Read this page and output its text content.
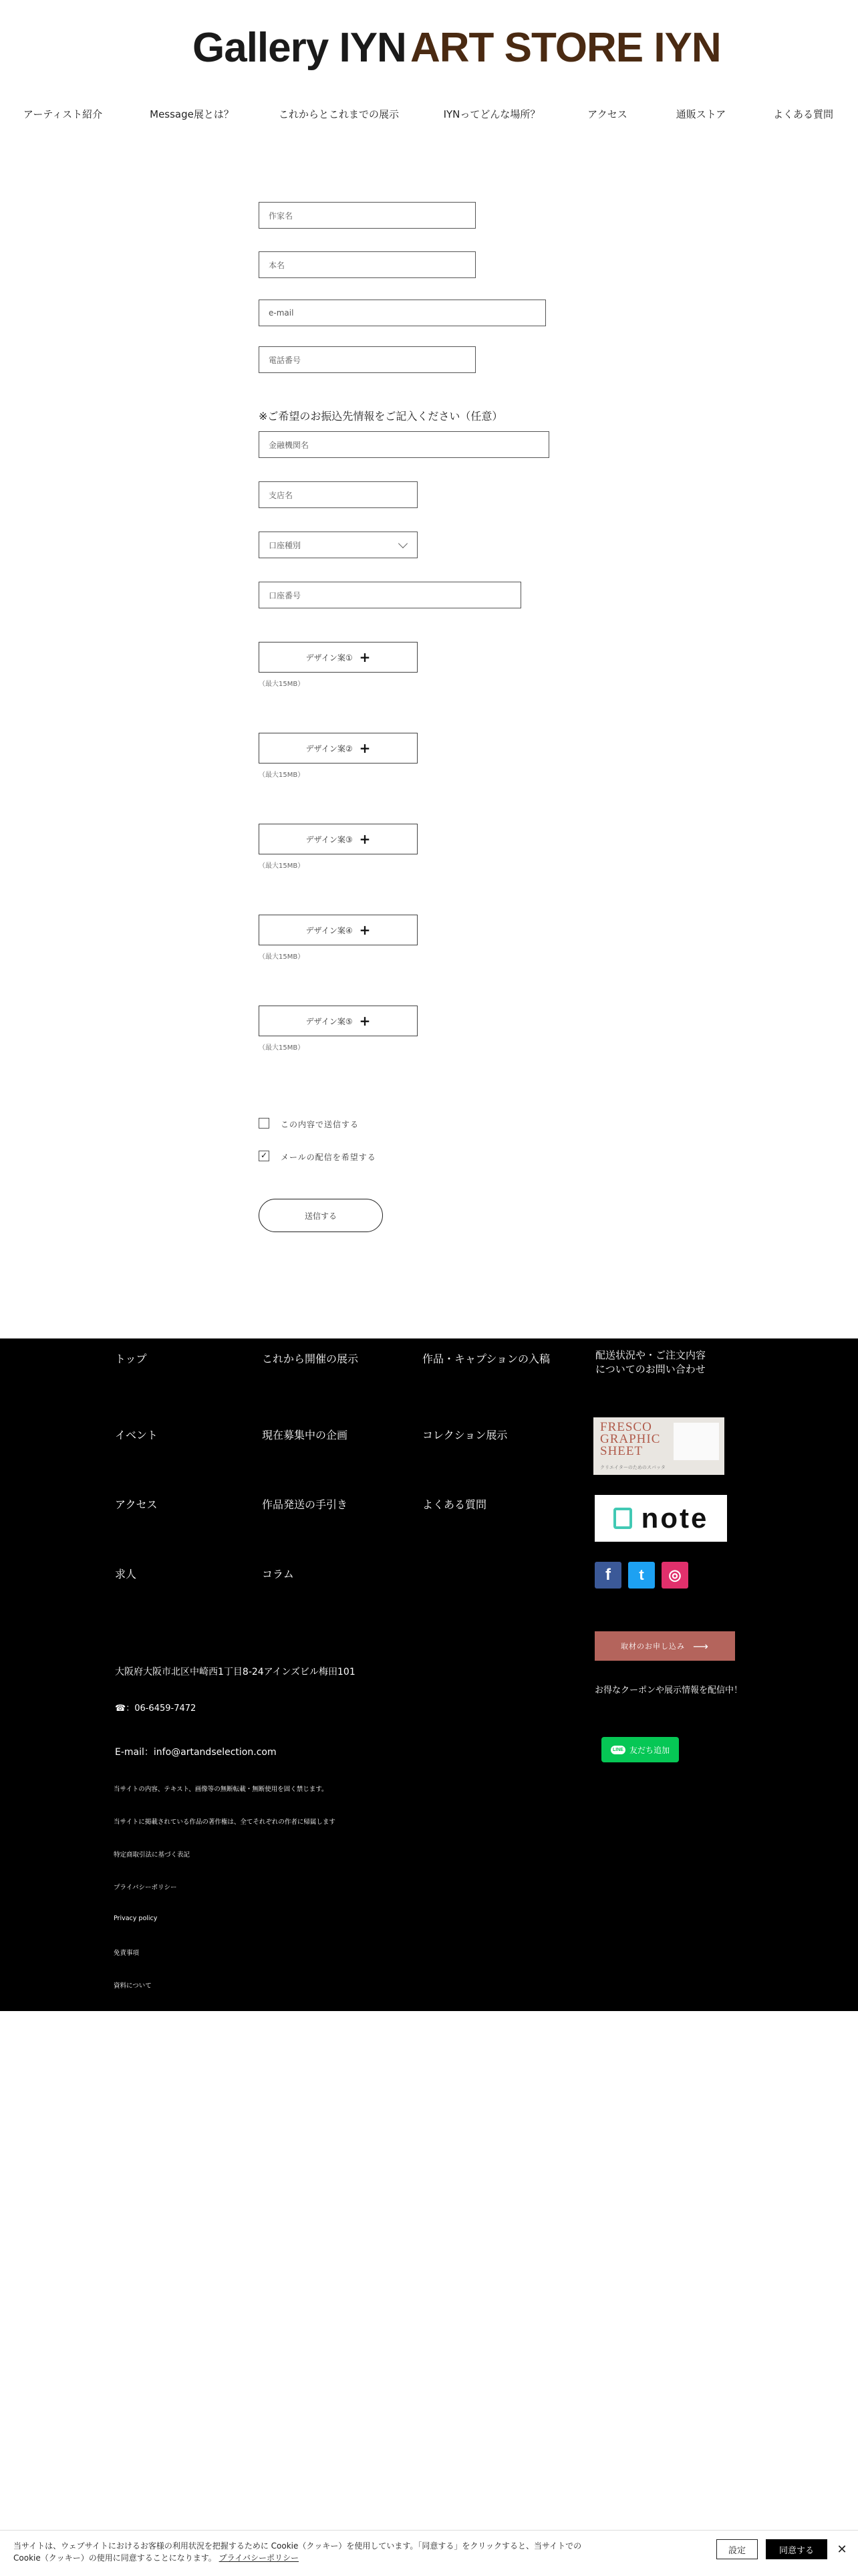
Gallery IYN ART STORE IYN
アーティスト紹介	Message展とは？	これからとこれまでの展示	IYNってどんな場所？	アクセス	通販ストア	よくある質問
作家名
本名
e-mail
電話番号
※ご希望のお振込先情報をご記入ください（任意）
金融機関名
支店名
口座種別
口座番号
デザイン案① +
（最大15MB）
デザイン案② +
（最大15MB）
デザイン案③ +
（最大15MB）
デザイン案④ +
（最大15MB）
デザイン案⑤ +
（最大15MB）
この内容で送信する
✓ メールの配信を希望する
送信する
トップ	これから開催の展示	作品・キャプションの入稿	配送状況や・ご注文内容
についてのお問い合わせ
イベント	現在募集中の企画	コレクション展示
FRESCO
GRAPHIC
SHEET
クリエイターのためのスパッタ
アクセス	作品発送の手引き	よくある質問	note
求人	コラム	f	t	◎
取材のお申し込み ⟶
お得なクーポンや展示情報を配信中！
大阪府大阪市北区中崎西1丁目8-24アインズビル梅田101
☎：06-6459-7472
E-mail：info@artandselection.com	LINE 友だち追加
当サイトの内容、テキスト、画像等の無断転載・無断使用を固く禁じます。
当サイトに掲載されている作品の著作権は、全てそれぞれの作者に帰属します
特定商取引法に基づく表記
プライバシーポリシー
Privacy policy
免責事項
資料について
当サイトは、ウェブサイトにおけるお客様の利用状況を把握するために Cookie（クッキー）を使用しています。「同意する」をクリックすると、当サイトでの
Cookie（クッキー）の使用に同意することになります。 プライバシーポリシー
設定	同意する	✕
